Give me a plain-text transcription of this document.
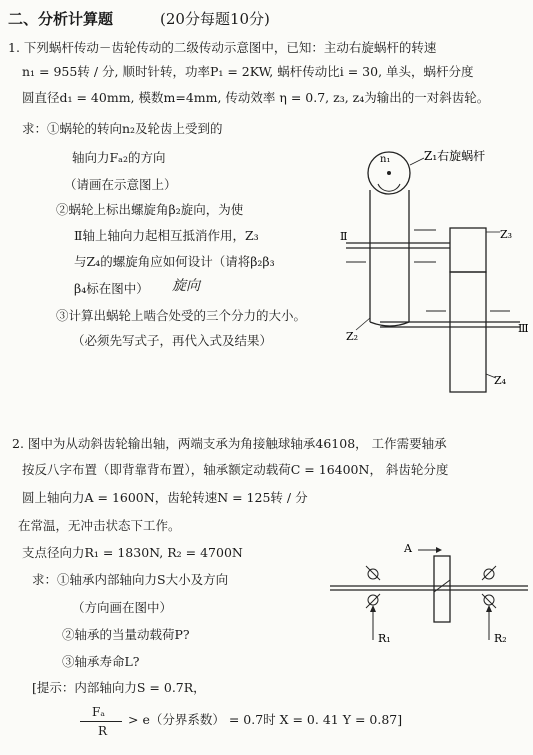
二、分析计算题	(20分每题10分)
1. 下列蜗杆传动－齿轮传动的二级传动示意图中，已知：主动右旋蜗杆的转速
n₁ = 955转 / 分, 顺时针转，功率P₁ = 2KW, 蜗杆传动比i = 30, 单头，蜗杆分度
圆直径d₁ = 40mm, 模数m=4mm, 传动效率 η = 0.7, z₃, z₄为输出的一对斜齿轮。
求：①蜗轮的转向n₂及轮齿上受到的
轴向力Fₐ₂的方向
（请画在示意图上）
②蜗轮上标出螺旋角β₂旋向，为使
Ⅱ轴上轴向力起相互抵消作用，Z₃
与Z₄的螺旋角应如何设计（请将β₂β₃
β₄标在图中） 旋向
③计算出蜗轮上啮合处受的三个分力的大小。
（必须先写式子，再代入式及结果）
n₁	Z₁右旋蜗杆
Ⅱ	Z₃
Z₄
Ⅲ
Z₂
2. 图中为从动斜齿轮输出轴，两端支承为角接触球轴承46108， 工作需要轴承
按反八字布置（即背靠背布置），轴承额定动载荷C = 16400N， 斜齿轮分度
圆上轴向力A = 1600N，齿轮转速N = 125转 / 分
在常温，无冲击状态下工作。
支点径向力R₁ = 1830N, R₂ = 4700N
求：①轴承内部轴向力S大小及方向
（方向画在图中）
②轴承的当量动载荷P?
③轴承寿命L?
[提示：内部轴向力S = 0.7R，
Fₐ
R
> e（分界系数） = 0.7时 X = 0. 41 Y = 0.87]
A
R₁	R₂
